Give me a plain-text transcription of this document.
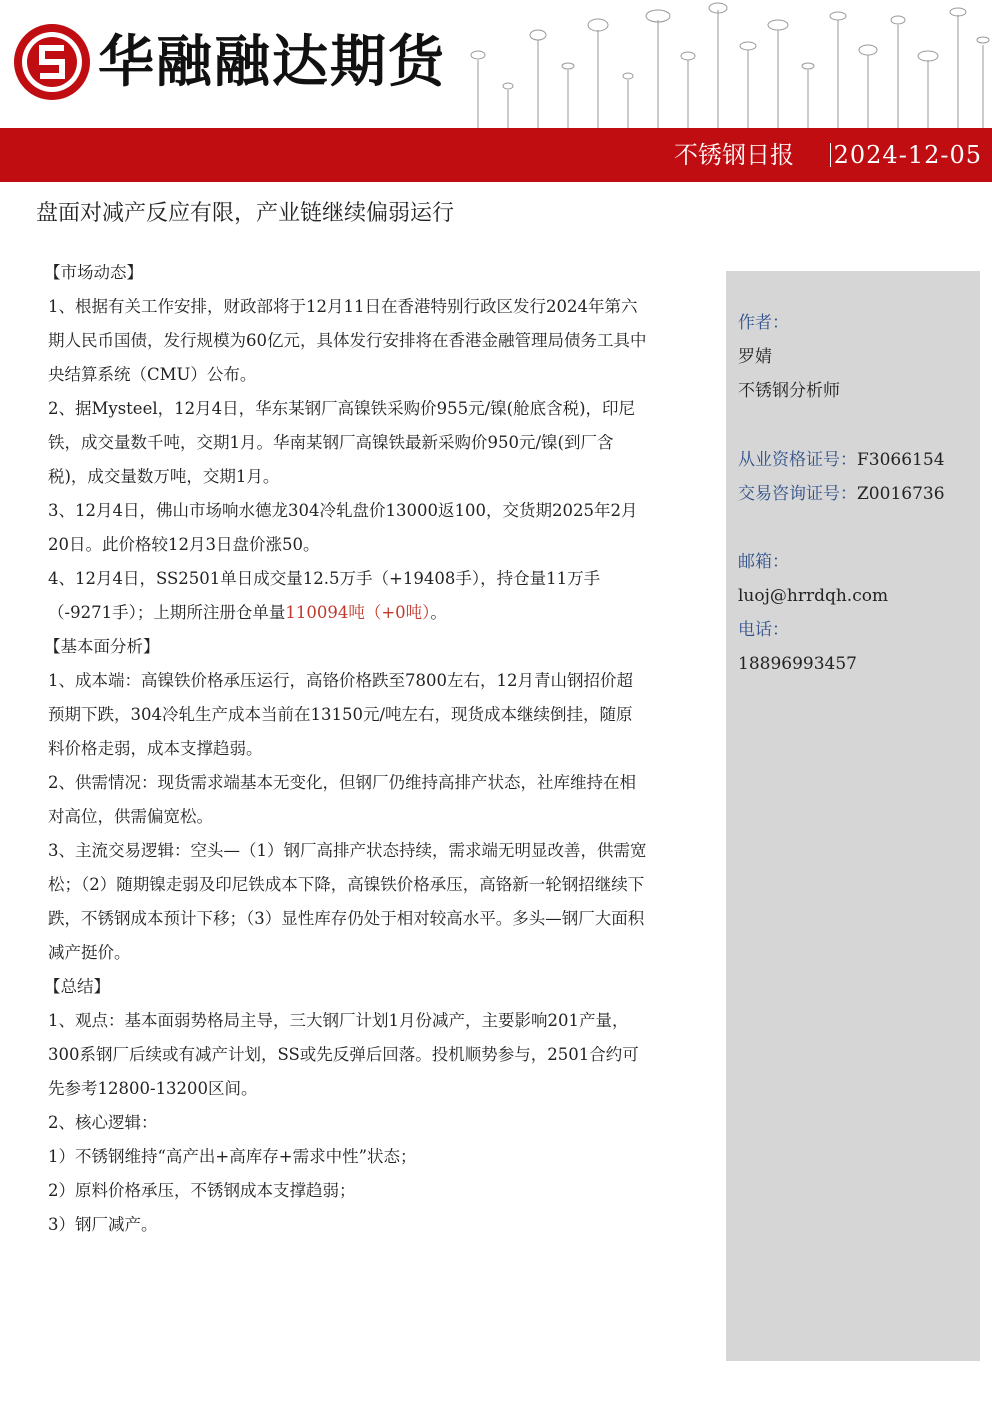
华融融达期货
不锈钢日报 2024-12-05
盘面对减产反应有限，产业链继续偏弱运行
【市场动态】

1、根据有关工作安排，财政部将于12月11日在香港特别行政区发行2024年第六期人民币国债，发行规模为60亿元，具体发行安排将在香港金融管理局债务工具中央结算系统（CMU）公布。

2、据Mysteel，12月4日，华东某钢厂高镍铁采购价955元/镍(舱底含税)，印尼铁，成交量数千吨，交期1月。华南某钢厂高镍铁最新采购价950元/镍(到厂含税)，成交量数万吨，交期1月。

3、12月4日，佛山市场响水德龙304冷轧盘价13000返100，交货期2025年2月20日。此价格较12月3日盘价涨50。

4、12月4日，SS2501单日成交量12.5万手（+19408手），持仓量11万手（-9271手）；上期所注册仓单量110094吨（+0吨）。

【基本面分析】

1、成本端：高镍铁价格承压运行，高铬价格跌至7800左右，12月青山钢招价超预期下跌，304冷轧生产成本当前在13150元/吨左右，现货成本继续倒挂，随原料价格走弱，成本支撑趋弱。

2、供需情况：现货需求端基本无变化，但钢厂仍维持高排产状态，社库维持在相对高位，供需偏宽松。

3、主流交易逻辑：空头—（1）钢厂高排产状态持续，需求端无明显改善，供需宽松；（2）随期镍走弱及印尼铁成本下降，高镍铁价格承压，高铬新一轮钢招继续下跌，不锈钢成本预计下移；（3）显性库存仍处于相对较高水平。多头—钢厂大面积减产挺价。

【总结】

1、观点：基本面弱势格局主导，三大钢厂计划1月份减产，主要影响201产量，300系钢厂后续或有减产计划，SS或先反弹后回落。投机顺势参与，2501合约可先参考12800-13200区间。

2、核心逻辑：

1）不锈钢维持“高产出+高库存+需求中性”状态；

2）原料价格承压，不锈钢成本支撑趋弱；

3）钢厂减产。

作者：
罗婧
不锈钢分析师
从业资格证号：F3066154
交易咨询证号：Z0016736
邮箱：
luoj@hrrdqh.com
电话：
18896993457
